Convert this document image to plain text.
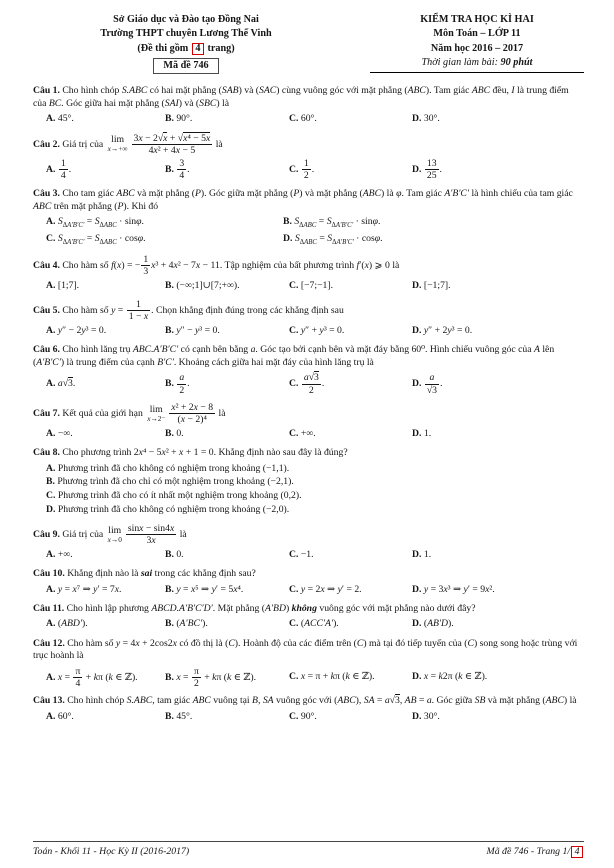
Sở Giáo dục và Đào tạo Đồng Nai
Trường THPT chuyên Lương Thế Vinh
(Đề thi gồm 4 trang)
Mã đề 746
KIỂM TRA HỌC KÌ HAI
Môn Toán – LỚP 11
Năm học 2016 – 2017
Thời gian làm bài: 90 phút

Câu 1. Cho hình chóp S.ABC có hai mặt phẳng (SAB) và (SAC) cùng vuông góc với mặt phẳng (ABC). Tam giác ABC đều, I là trung điểm của BC. Góc giữa hai mặt phẳng (SAI) và (SBC) là

A. 45°.	B. 90°.	C. 60°.	D. 30°.

Câu 2. Giá trị của lim
$x\to+\infty \frac{\text{3x − 2√x + √x⁴ − 5x}}{\text{4x² + 4x − 5}}$ là

A. $\frac{1}{4}$ .	B. $\frac{3}{4}$ .	C. $\frac{1}{2}$ .	D. $\frac{13}{25}$ .

Câu 3. Cho tam giác ABC và mặt phẳng (P). Góc giữa mặt phẳng (P) và mặt phẳng (ABC) là φ. Tam giác A′B′C′ là hình chiếu của tam giác ABC trên mặt phẳng (P). Khi đó

A. $S_{\Delta A'B'C'} = S_{\Delta ABC} \cdot \sin\varphi$.	B. $S_{\Delta ABC} = S_{\Delta A'B'C'} \cdot \sin\varphi$.
C. $S_{\Delta A'B'C'} = S_{\Delta ABC} \cdot \cos\varphi$.	D. $S_{\Delta ABC} = S_{\Delta A'B'C'} \cdot \cos\varphi$.

Câu 4. Cho hàm số f(x) = − $\frac{1}{3} x^3 + 4x^2 - 7x - 11$. Tập nghiệm của bất phương trình f′(x) ⩾ 0 là

A. [1;7].	B. (−∞;1]∪[7;+∞).	C. [−7;−1].	D. [−1;7].

Câu 5. Cho hàm số $y = \frac{1}{1 - x}$ . Chọn khẳng định đúng trong các khẳng định sau

A. y″ − 2y³ = 0.	B. y″ − y³ = 0.	C. y″ + y³ = 0.	D. y″ + 2y³ = 0.

Câu 6. Cho hình lăng trụ ABC.A′B′C′ có cạnh bên bằng a. Góc tạo bởi cạnh bên và mặt đáy bằng 60⁰. Hình chiếu vuông góc của A lên (A′B′C′) là trung điểm của cạnh B′C′. Khoảng cách giữa hai mặt đáy của hình lăng trụ là

A. a√3.	B. $\frac{a}{2}$ .	C. $\frac{a√3}{2}$ .	D. $\frac{a}{√3}$ .

Câu 7. Kết quả của giới hạn lim
$x\to 2^- \frac{\text{x² + 2x − 8}}{\text{(x − 2)⁴}}$ là

A. −∞.	B. 0.	C. +∞.	D. 1.

Câu 8. Cho phương trình 2x⁴ − 5x² + x + 1 = 0. Khẳng định nào sau đây là đúng?

A. Phương trình đã cho không có nghiệm trong khoảng (−1,1).
B. Phương trình đã cho chỉ có một nghiệm trong khoảng (−2,1).
C. Phương trình đã cho có ít nhất một nghiệm trong khoảng (0,2).
D. Phương trình đã cho không có nghiệm trong khoảng (−2,0).

Câu 9. Giá trị của lim
$x\to 0 \frac{\sin x - \sin 4x}{3x}$ là

A. +∞.	B. 0.	C. −1.	D. 1.

Câu 10. Khẳng định nào là sai trong các khẳng định sau?

A. y = x⁷ ⇒ y′ = 7x.	B. y = x⁵ ⇒ y′ = 5x⁴.	C. y = 2x ⇒ y′ = 2.	D. y = 3x³ ⇒ y′ = 9x².

Câu 11. Cho hình lập phương ABCD.A′B′C′D′. Mặt phẳng (A′BD) không vuông góc với mặt phẳng nào dưới đây?

A. (ABD′).	B. (A′BC′).	C. (ACC′A′).	D. (AB′D).

Câu 12. Cho hàm số y = 4x + 2cos2x có đồ thị là (C). Hoành độ của các điểm trên (C) mà tại đó tiếp tuyến của (C) song song hoặc trùng với trục hoành là

A. $x = \frac{\pi}{4} + k\pi$ (k ∈ ℤ).	B. $x = \frac{\pi}{2} + k\pi$ (k ∈ ℤ).	C. x = π + kπ (k ∈ ℤ).	D. x = k2π (k ∈ ℤ).

Câu 13. Cho hình chóp S.ABC, tam giác ABC vuông tại B, SA vuông góc với (ABC), SA = a√3, AB = a. Góc giữa SB và mặt phẳng (ABC) là

A. 60°.	B. 45°.	C. 90°.	D. 30°.
Toán - Khối 11 - Học Kỳ II (2016-2017)	Mã đề 746 - Trang 1/ 4
